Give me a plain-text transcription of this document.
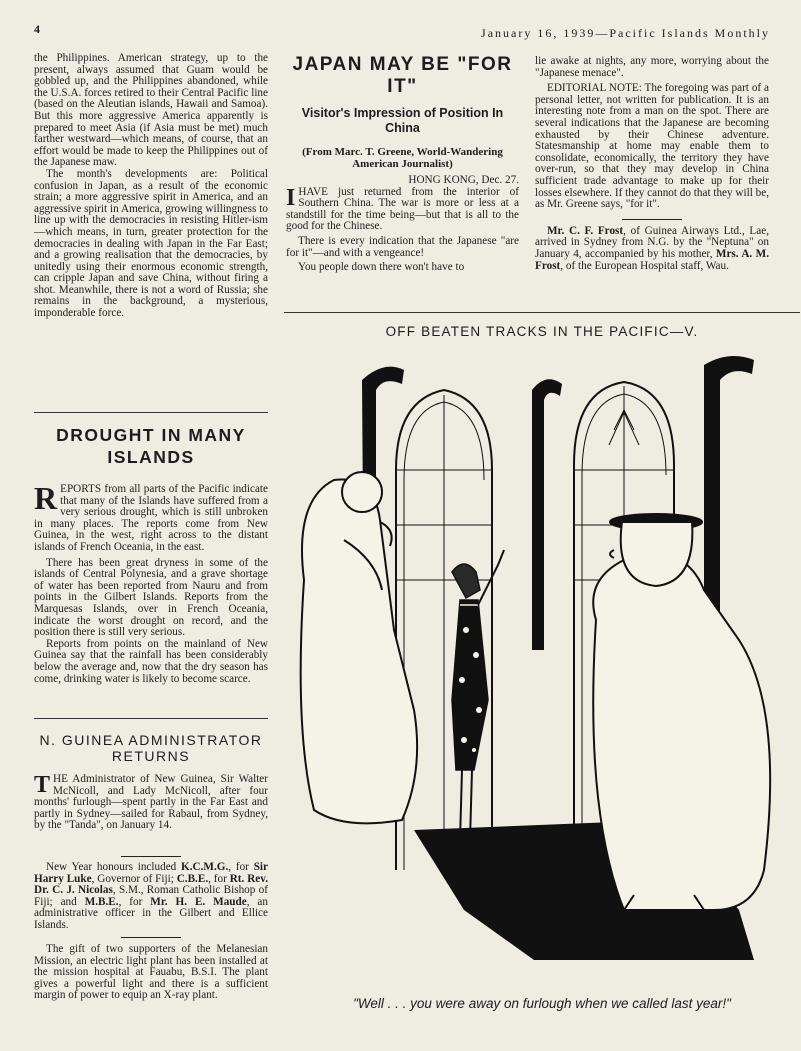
4	January 16, 1939—Pacific Islands Monthly

the Philippines. American strategy, up to the present, always assumed that Guam would be gobbled up, and the Philippines abandoned, while the U.S.A. forces retired to their Central Pacific line (based on the Aleutian islands, Hawaii and Samoa). But this more aggressive America apparently is prepared to meet Asia (if Asia must be met) much farther westward—which means, of course, that an effort would be made to keep the Philippines out of the Japanese maw.

The month's developments are: Political confusion in Japan, as a result of the economic strain; a more aggressive spirit in America, and an aggressive spirit in America, growing willingness to line up with the democracies in resisting Hitler-ism—which means, in turn, greater protection for the democracies in dealing with Japan in the Far East; and a growing realisation that the democracies, by unitedly using their enormous economic strength, can cripple Japan and save China, without firing a shot. Meanwhile, there is not a word of Russia; she remains in the background, a mysterious, imponderable force.

DROUGHT IN MANY ISLANDS

REPORTS from all parts of the Pacific indicate that many of the Islands have suffered from a very serious drought, which is still unbroken in many places. The reports come from New Guinea, in the west, right across to the distant islands of French Oceania, in the east.

There has been great dryness in some of the islands of Central Polynesia, and a grave shortage of water has been reported from Nauru and from points in the Gilbert Islands. Reports from the Marquesas Islands, over in French Oceania, indicate the worst drought on record, and the position there is still very serious.

Reports from points on the mainland of New Guinea say that the rainfall has been considerably below the average and, now that the dry season has come, drinking water is likely to become scarce.

N. GUINEA ADMINISTRATOR RETURNS

THE Administrator of New Guinea, Sir Walter McNicoll, and Lady McNicoll, after four months' furlough—spent partly in the Far East and partly in Sydney—sailed for Rabaul, from Sydney, by the "Tanda", on January 14.

New Year honours included K.C.M.G., for Sir Harry Luke, Governor of Fiji; C.B.E., for Rt. Rev. Dr. C. J. Nicolas, S.M., Roman Catholic Bishop of Fiji; and M.B.E., for Mr. H. E. Maude, an administrative officer in the Gilbert and Ellice Islands.

The gift of two supporters of the Melanesian Mission, an electric light plant has been installed at the mission hospital at Fauabu, B.S.I. The plant gives a powerful light and there is a sufficient margin of power to equip an X-ray plant.

JAPAN MAY BE "FOR IT"
Visitor's Impression of Position In China
(From Marc. T. Greene, World-Wandering American Journalist)

HONG KONG, Dec. 27.

IHAVE just returned from the interior of Southern China. The war is more or less at a standstill for the time being—but that is all to the good for the Chinese.

There is every indication that the Japanese "are for it"—and with a vengeance!

You people down there won't have to

lie awake at nights, any more, worrying about the "Japanese menace".

EDITORIAL NOTE: The foregoing was part of a personal letter, not written for publication. It is an interesting note from a man on the spot. There are several indications that the Japanese are becoming exhausted by their Chinese adventure. Statesmanship at home may enable them to consolidate, economically, the territory they have over-run, so that they may develop in China sufficient trade advantage to make up for their losses elsewhere. If they cannot do that they will be, as Mr. Greene says, "for it".

Mr. C. F. Frost, of Guinea Airways Ltd., Lae, arrived in Sydney from N.G. by the "Neptuna" on January 4, accompanied by his mother, Mrs. A. M. Frost, of the European Hospital staff, Wau.

OFF BEATEN TRACKS IN THE PACIFIC—V.
KUPA
"Well . . . you were away on furlough when we called last year!"
